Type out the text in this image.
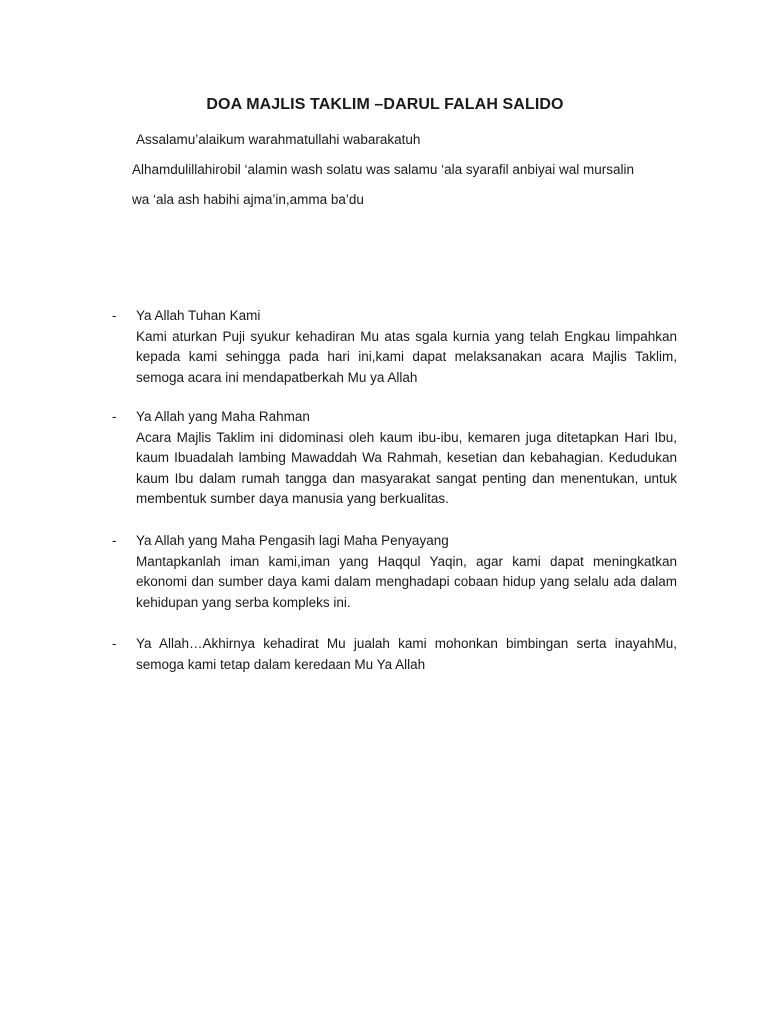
DOA MAJLIS TAKLIM –DARUL FALAH SALIDO

Assalamu’alaikum warahmatullahi wabarakatuh

Alhamdulillahirobil ‘alamin wash solatu was salamu ‘ala syarafil anbiyai wal mursalin

wa ‘ala ash habihi ajma’in,amma ba’du

-	Ya Allah Tuhan Kami
Kami aturkan Puji syukur kehadiran Mu atas sgala kurnia yang telah Engkau limpahkan kepada kami sehingga pada hari ini,kami dapat melaksanakan acara Majlis Taklim, semoga acara ini mendapatberkah Mu ya Allah
-	Ya Allah yang Maha Rahman
Acara Majlis Taklim ini didominasi oleh kaum ibu-ibu, kemaren juga ditetapkan Hari Ibu, kaum Ibuadalah lambing Mawaddah Wa Rahmah, kesetian dan kebahagian. Kedudukan kaum Ibu dalam rumah tangga dan masyarakat sangat penting dan menentukan, untuk membentuk sumber daya manusia yang berkualitas.
-	Ya Allah yang Maha Pengasih lagi Maha Penyayang
Mantapkanlah iman kami,iman yang Haqqul Yaqin, agar kami dapat meningkatkan ekonomi dan sumber daya kami dalam menghadapi cobaan hidup yang selalu ada dalam kehidupan yang serba kompleks ini.
-	Ya Allah…Akhirnya kehadirat Mu jualah kami mohonkan bimbingan serta inayahMu, semoga kami tetap dalam keredaan Mu Ya Allah
